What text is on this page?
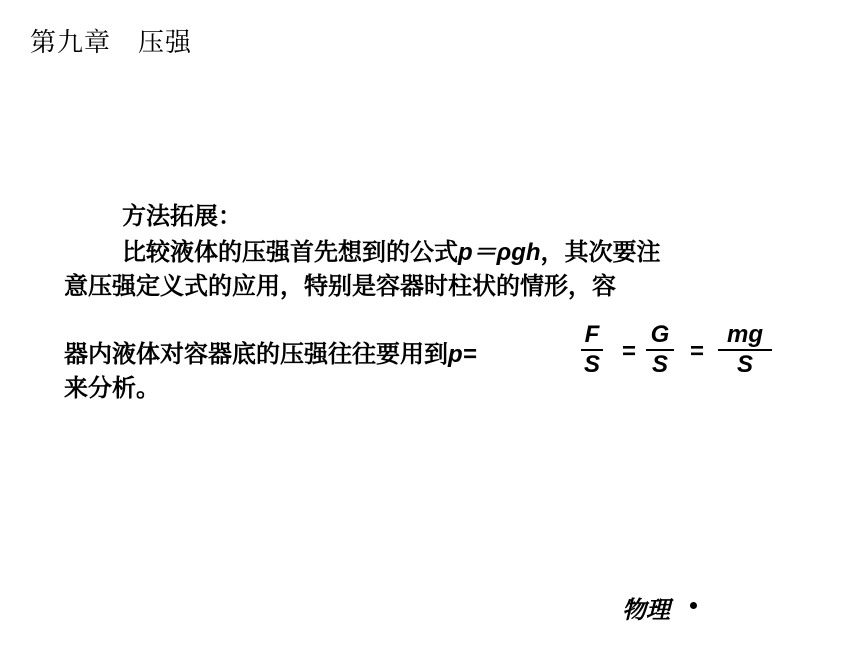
第九章　压强
方法拓展：
比较液体的压强首先想到的公式p＝ρgh，其次要注
意压强定义式的应用，特别是容器时柱状的情形，容
器内液体对容器底的压强往往要用到p=
F
S =
G
S =
mg
S
来分析。
物理
